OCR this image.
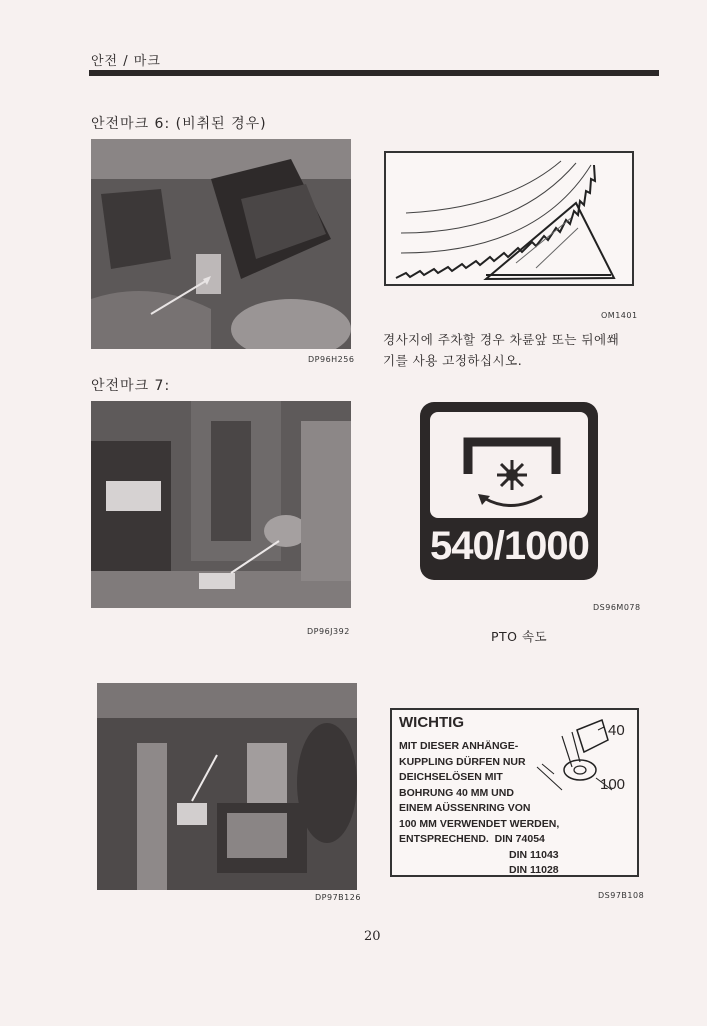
안전 / 마크
안전마크 6: (비취된 경우)
DP96H256
OM1401
경사지에 주차할 경우 차륜앞 또는 뒤에쐐
기를 사용 고정하십시오.
안전마크 7:
DP96J392
540/1000
DS96M078
PTO 속도
DP97B126
WICHTIG
MIT DIESER ANHÄNGE-
KUPPLING DÜRFEN NUR
DEICHSELÖSEN MIT
BOHRUNG 40 MM UND
EINEM AÜSSENRING VON
100 MM VERWENDET WERDEN,
ENTSPRECHEND.  DIN 74054
DIN 11043
DIN 11028
40
100
DS97B108
20
